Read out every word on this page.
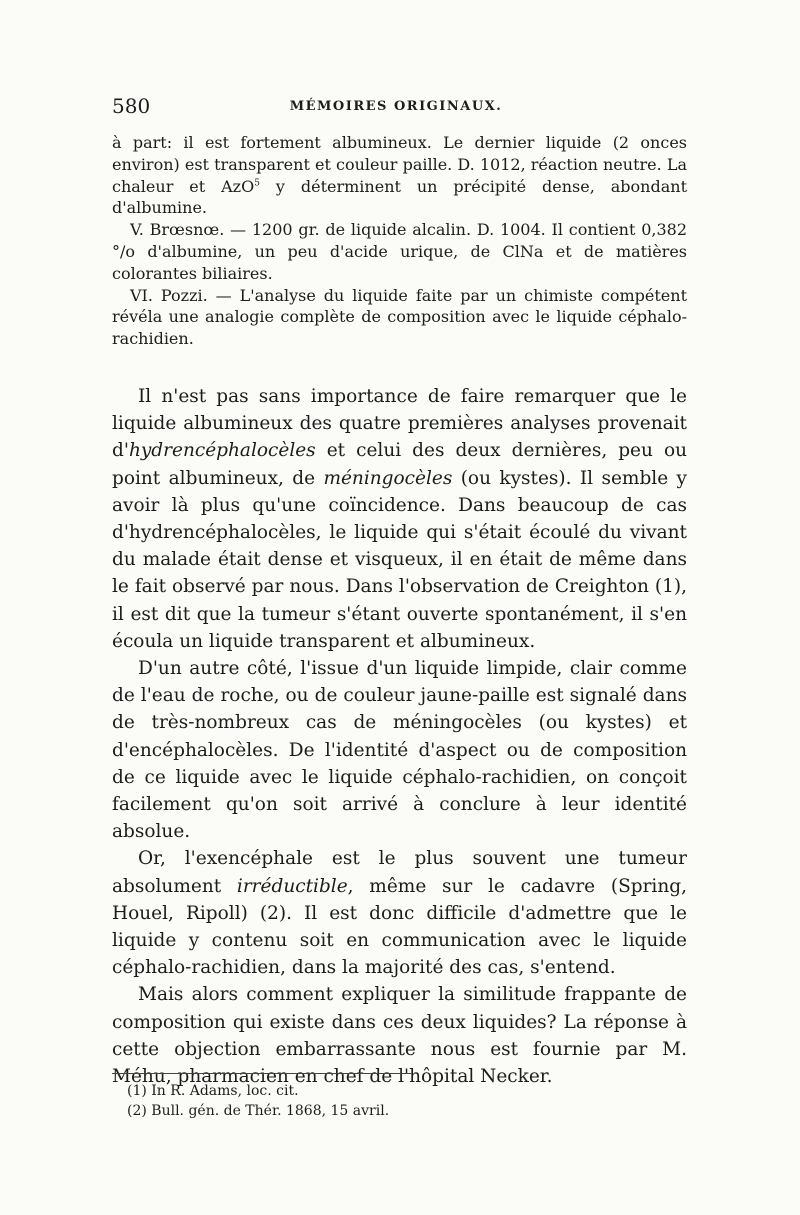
580	MÉMOIRES ORIGINAUX.

à part: il est fortement albumineux. Le dernier liquide (2 onces environ) est transparent et couleur paille. D. 1012, réaction neutre. La chaleur et AzO$^5$ y déterminent un précipité dense, abondant d'albumine.

V. Brœsnœ. — 1200 gr. de liquide alcalin. D. 1004. Il contient 0,382 °/o d'albumine, un peu d'acide urique, de ClNa et de matières colorantes biliaires.

VI. Pozzi. — L'analyse du liquide faite par un chimiste compétent révéla une analogie complète de composition avec le liquide céphalo-rachidien.

Il n'est pas sans importance de faire remarquer que le liquide albumineux des quatre premières analyses provenait d'hydrencéphalocèles et celui des deux dernières, peu ou point albumineux, de méningocèles (ou kystes). Il semble y avoir là plus qu'une coïncidence. Dans beaucoup de cas d'hydrencéphalocèles, le liquide qui s'était écoulé du vivant du malade était dense et visqueux, il en était de même dans le fait observé par nous. Dans l'observation de Creighton (1), il est dit que la tumeur s'étant ouverte spontanément, il s'en écoula un liquide transparent et albumineux.

D'un autre côté, l'issue d'un liquide limpide, clair comme de l'eau de roche, ou de couleur jaune-paille est signalé dans de très-nombreux cas de méningocèles (ou kystes) et d'encéphalocèles. De l'identité d'aspect ou de composition de ce liquide avec le liquide céphalo-rachidien, on conçoit facilement qu'on soit arrivé à conclure à leur identité absolue.

Or, l'exencéphale est le plus souvent une tumeur absolument irréductible, même sur le cadavre (Spring, Houel, Ripoll) (2). Il est donc difficile d'admettre que le liquide y contenu soit en communication avec le liquide céphalo-rachidien, dans la majorité des cas, s'entend.

Mais alors comment expliquer la similitude frappante de composition qui existe dans ces deux liquides? La réponse à cette objection embarrassante nous est fournie par M. Méhu, pharmacien en chef de l'hôpital Necker.

(1) In R. Adams, loc. cit.

(2) Bull. gén. de Thér. 1868, 15 avril.
